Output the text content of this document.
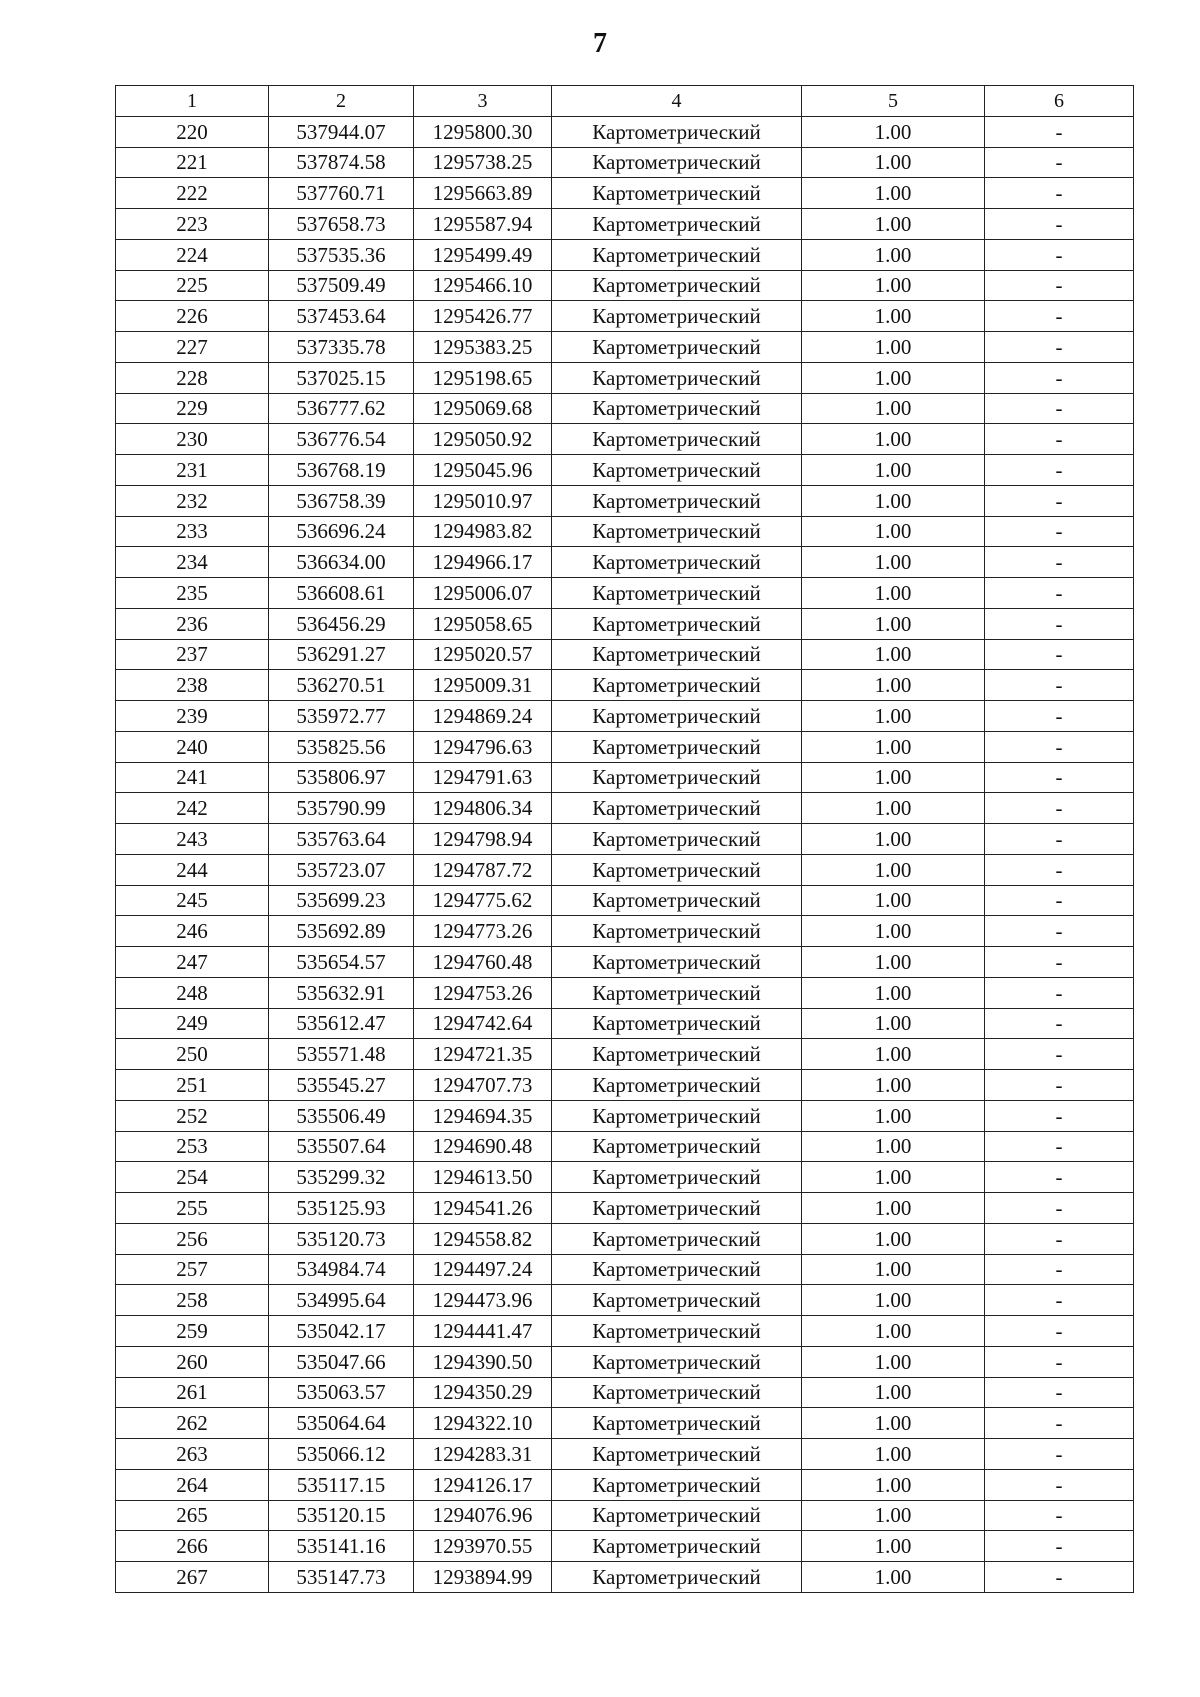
7
1	2	3	4	5	6
220	537944.07	1295800.30	Картометрический	1.00	-
221	537874.58	1295738.25	Картометрический	1.00	-
222	537760.71	1295663.89	Картометрический	1.00	-
223	537658.73	1295587.94	Картометрический	1.00	-
224	537535.36	1295499.49	Картометрический	1.00	-
225	537509.49	1295466.10	Картометрический	1.00	-
226	537453.64	1295426.77	Картометрический	1.00	-
227	537335.78	1295383.25	Картометрический	1.00	-
228	537025.15	1295198.65	Картометрический	1.00	-
229	536777.62	1295069.68	Картометрический	1.00	-
230	536776.54	1295050.92	Картометрический	1.00	-
231	536768.19	1295045.96	Картометрический	1.00	-
232	536758.39	1295010.97	Картометрический	1.00	-
233	536696.24	1294983.82	Картометрический	1.00	-
234	536634.00	1294966.17	Картометрический	1.00	-
235	536608.61	1295006.07	Картометрический	1.00	-
236	536456.29	1295058.65	Картометрический	1.00	-
237	536291.27	1295020.57	Картометрический	1.00	-
238	536270.51	1295009.31	Картометрический	1.00	-
239	535972.77	1294869.24	Картометрический	1.00	-
240	535825.56	1294796.63	Картометрический	1.00	-
241	535806.97	1294791.63	Картометрический	1.00	-
242	535790.99	1294806.34	Картометрический	1.00	-
243	535763.64	1294798.94	Картометрический	1.00	-
244	535723.07	1294787.72	Картометрический	1.00	-
245	535699.23	1294775.62	Картометрический	1.00	-
246	535692.89	1294773.26	Картометрический	1.00	-
247	535654.57	1294760.48	Картометрический	1.00	-
248	535632.91	1294753.26	Картометрический	1.00	-
249	535612.47	1294742.64	Картометрический	1.00	-
250	535571.48	1294721.35	Картометрический	1.00	-
251	535545.27	1294707.73	Картометрический	1.00	-
252	535506.49	1294694.35	Картометрический	1.00	-
253	535507.64	1294690.48	Картометрический	1.00	-
254	535299.32	1294613.50	Картометрический	1.00	-
255	535125.93	1294541.26	Картометрический	1.00	-
256	535120.73	1294558.82	Картометрический	1.00	-
257	534984.74	1294497.24	Картометрический	1.00	-
258	534995.64	1294473.96	Картометрический	1.00	-
259	535042.17	1294441.47	Картометрический	1.00	-
260	535047.66	1294390.50	Картометрический	1.00	-
261	535063.57	1294350.29	Картометрический	1.00	-
262	535064.64	1294322.10	Картометрический	1.00	-
263	535066.12	1294283.31	Картометрический	1.00	-
264	535117.15	1294126.17	Картометрический	1.00	-
265	535120.15	1294076.96	Картометрический	1.00	-
266	535141.16	1293970.55	Картометрический	1.00	-
267	535147.73	1293894.99	Картометрический	1.00	-
